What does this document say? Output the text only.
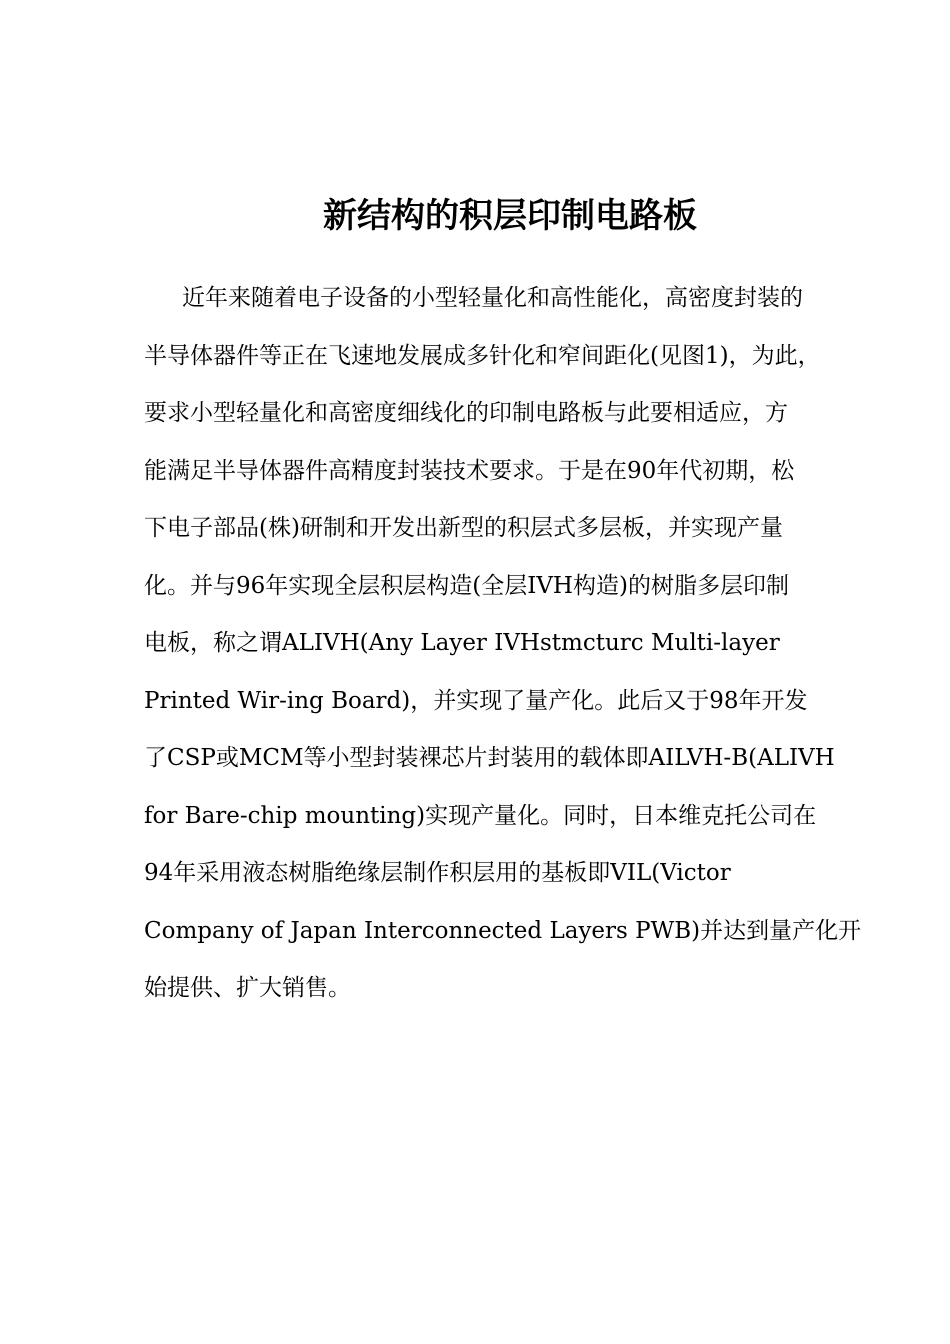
新结构的积层印制电路板
近年来随着电子设备的小型轻量化和高性能化，高密度封装的
半导体器件等正在飞速地发展成多针化和窄间距化(见图1)，为此，
要求小型轻量化和高密度细线化的印制电路板与此要相适应，方
能满足半导体器件高精度封装技术要求。于是在90年代初期，松
下电子部品(株)研制和开发出新型的积层式多层板，并实现产量
化。并与96年实现全层积层构造(全层IVH构造)的树脂多层印制
电板，称之谓ALIVH(Any Layer IVHstmcturc Multi-layer
Printed Wir-ing Board)，并实现了量产化。此后又于98年开发
了CSP或MCM等小型封装裸芯片封装用的载体即AILVH-B(ALIVH
for Bare-chip mounting)实现产量化。同时，日本维克托公司在
94年采用液态树脂绝缘层制作积层用的基板即VIL(Victor
Company of Japan Interconnected Layers PWB)并达到量产化开
始提供、扩大销售。
